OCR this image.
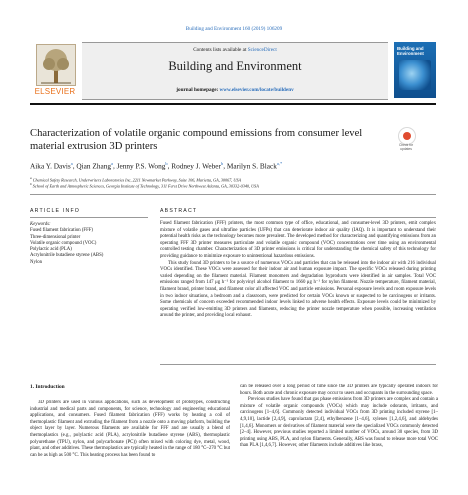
Building and Environment 160 (2019) 106209
ELSEVIER
Contents lists available at ScienceDirect
Building and Environment
journal homepage: www.elsevier.com/locate/buildenv
Building and Environment
Characterization of volatile organic compound emissions from consumer level material extrusion 3D printers	Check for updates
Aika Y. Davis$^a$, Qian Zhang$^a$, Jenny P.S. Wong$^b$, Rodney J. Weber$^b$, Marilyn S. Black$^{a,*}$
$^a$ Chemical Safety Research, Underwriters Laboratories Inc, 2211 Newmarket Parkway, Suite 106, Marietta, GA, 30067, USA
$^b$ School of Earth and Atmospheric Sciences, Georgia Institute of Technology, 311 Ferst Drive Northwest Atlanta, GA, 30332-0340, USA
ARTICLE INFO	ABSTRACT
Keywords:
Fused filament fabrication (FFF)
Three-dimensional printer
Volatile organic compound (VOC)
Polylactic acid (PLA)
Acrylonitrile butadiene styrene (ABS)
Nylon

Fused filament fabrication (FFF) printers, the most common type of office, educational, and consumer-level 3D printers, emit complex mixture of volatile gases and ultrafine particles (UFPs) that can deteriorate indoor air quality (IAQ). It is important to understand their potential health risks as the technology becomes more prevalent. The developed method for characterizing and quantifying emissions from an operating FFF 3D printer measures particulate and volatile organic compound (VOC) concentrations over time using an environmental controlled testing chamber. Characterization of 3D printer emissions is critical for understanding the chemical safety of this technology for providing guidance to minimize exposure to unintentional hazardous emissions.

This study found 3D printers to be a source of numerous VOCs and particles that can be released into the indoor air with 216 individual VOCs identified. These VOCs were assessed for their indoor air and human exposure impact. The specific VOCs released during printing varied depending on the filament material. Filament monomers and degradation byproducts were identified in air samples. Total VOC emissions ranged from 147 μg h⁻¹ for polyvinyl alcohol filament to 1660 μg h⁻¹ for nylon filament. Nozzle temperature, filament material, filament brand, printer brand, and filament color all affected VOC and particle emissions. Personal exposure levels and room exposure levels in two indoor situations, a bedroom and a classroom, were predicted for certain VOCs known or suspected to be carcinogens or irritants. Some chemicals of concern exceeded recommended indoor levels linked to adverse health effects. Exposure levels could be minimized by operating verified low-emitting 3D printers and filaments, reducing the printer nozzle temperature when possible, increasing ventilation around the printer, and providing local exhaust.

1. Introduction

3D printers are used in various applications, such as development of prototypes, constructing industrial and medical parts and components, for science, technology and engineering educational applications, and consumers. Fused filament fabrication (FFF) works by heating a coil of thermoplastic filament and extruding the filament from a nozzle onto a moving platform, building the object layer by layer. Numerous filaments are available for FFF and are usually a blend of thermoplastics (e.g., polylactic acid (PLA), acrylonitrile butadiene styrene (ABS), thermoplastic polyurethane (TPU), nylon, and polycarbonate (PC)) often mixed with coloring dye, metal, wood, plant, and other additives. These thermoplastics are typically heated in the range of 180 °C–270 °C but can be as high as 500 °C. This heating process has been found to

can be released over a long period of time since the 3D printers are typically operated indoors for hours. Both acute and chronic exposure may occur to users and occupants in the surrounding space.

Previous studies have found that gas phase emissions from 3D printers are complex and contain a mixture of volatile organic compounds (VOCs) which may include odorants, irritants, and carcinogens [1–4,6]. Commonly detected individual VOCs from 3D printing included styrene [1–4,9,10], lactide [2,4,9], caprolactam [2,4], ethylbenzene [1–4,6], xylenes [1,2,4,6], and aldehydes [1,4,6]. Monomers or derivatives of filament material were the specialized VOCs commonly detected [2–4]. However, previous studies reported a limited number of VOCs, around 30 species, from 3D printing using ABS, PLA, and nylon filaments. Generally, ABS was found to release more total VOC than PLA [1,4,6,7]. However, other filaments include additives like brass,
